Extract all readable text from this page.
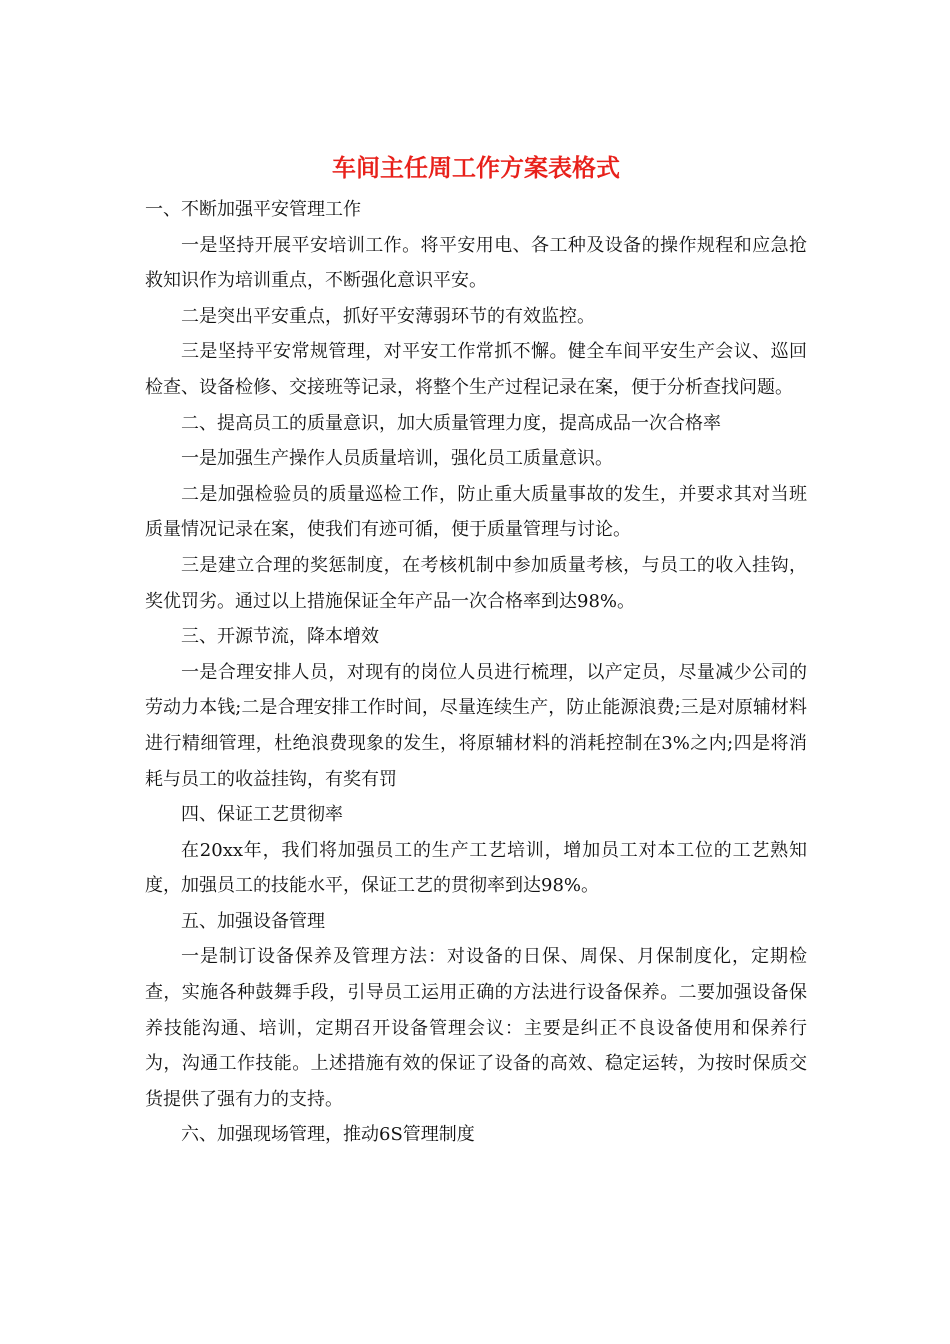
车间主任周工作方案表格式

一、不断加强平安管理工作

一是坚持开展平安培训工作。将平安用电、各工种及设备的操作规程和应急抢救知识作为培训重点，不断强化意识平安。

二是突出平安重点，抓好平安薄弱环节的有效监控。

三是坚持平安常规管理，对平安工作常抓不懈。健全车间平安生产会议、巡回检查、设备检修、交接班等记录，将整个生产过程记录在案，便于分析查找问题。

二、提高员工的质量意识，加大质量管理力度，提高成品一次合格率

一是加强生产操作人员质量培训，强化员工质量意识。

二是加强检验员的质量巡检工作，防止重大质量事故的发生，并要求其对当班质量情况记录在案，使我们有迹可循，便于质量管理与讨论。

三是建立合理的奖惩制度，在考核机制中参加质量考核，与员工的收入挂钩，奖优罚劣。通过以上措施保证全年产品一次合格率到达98%。

三、开源节流，降本增效

一是合理安排人员，对现有的岗位人员进行梳理，以产定员，尽量减少公司的劳动力本钱;二是合理安排工作时间，尽量连续生产，防止能源浪费;三是对原辅材料进行精细管理，杜绝浪费现象的发生，将原辅材料的消耗控制在3%之内;四是将消耗与员工的收益挂钩，有奖有罚

四、保证工艺贯彻率

在20xx年，我们将加强员工的生产工艺培训，增加员工对本工位的工艺熟知度，加强员工的技能水平，保证工艺的贯彻率到达98%。

五、加强设备管理

一是制订设备保养及管理方法：对设备的日保、周保、月保制度化，定期检查，实施各种鼓舞手段，引导员工运用正确的方法进行设备保养。二要加强设备保养技能沟通、培训，定期召开设备管理会议：主要是纠正不良设备使用和保养行为，沟通工作技能。上述措施有效的保证了设备的高效、稳定运转，为按时保质交货提供了强有力的支持。

六、加强现场管理，推动6S管理制度
